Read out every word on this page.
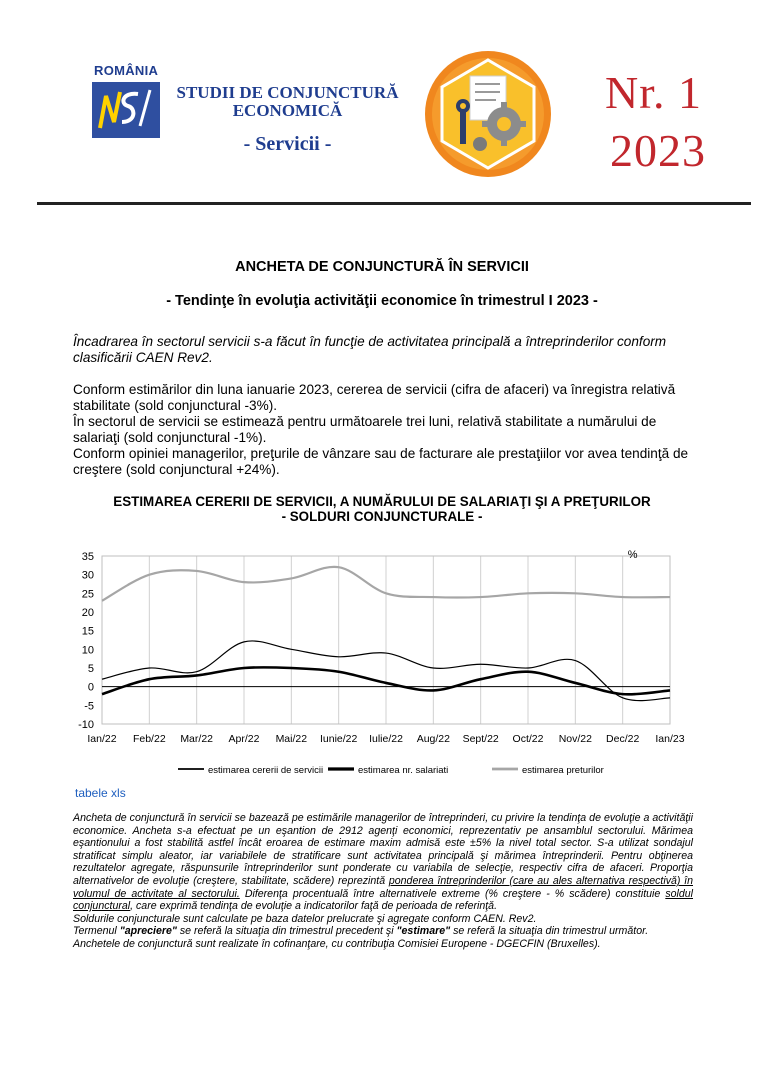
ROMÂNIA
STUDII DE CONJUNCTURĂ ECONOMICĂ
- Servicii -
Nr. 1
2023
ANCHETA DE CONJUNCTURĂ ÎN SERVICII
- Tendinţe în evoluţia activităţii economice în trimestrul I 2023 -
Încadrarea în sectorul servicii s-a făcut în funcţie de activitatea principală a întreprinderilor conform clasificării CAEN Rev2.
Conform estimărilor din luna ianuarie 2023, cererea de servicii (cifra de afaceri) va înregistra relativă stabilitate (sold conjunctural -3%).
În sectorul de servicii se estimează pentru următoarele trei luni, relativă stabilitate a numărului de salariaţi (sold conjunctural -1%).
Conform opiniei managerilor, preţurile de vânzare sau de facturare ale prestaţiilor vor avea tendinţă de creştere (sold conjunctural +24%).
ESTIMAREA CERERII DE SERVICII, A NUMĂRULUI DE SALARIAŢI ŞI A PREŢURILOR
- SOLDURI CONJUNCTURALE -
35
30
25
20
15
10
5
0
-5
-10
Ian/22 Feb/22 Mar/22 Apr/22 Mai/22 Iunie/22 Iulie/22 Aug/22 Sept/22 Oct/22 Nov/22 Dec/22 Ian/23
%
estimarea cererii de servicii	estimarea nr. salariati	estimarea preturilor
tabele xls
Ancheta de conjunctură în servicii se bazează pe estimările managerilor de întreprinderi, cu privire la tendinţa de evoluţie a activităţii economice. Ancheta s-a efectuat pe un eşantion de 2912 agenţi economici, reprezentativ pe ansamblul sectorului. Mărimea eşantionului a fost stabilită astfel încât eroarea de estimare maxim admisă este ±5% la nivel total sector. S-a utilizat sondajul stratificat simplu aleator, iar variabilele de stratificare sunt activitatea principală şi mărimea întreprinderii. Pentru obţinerea rezultatelor agregate, răspunsurile întreprinderilor sunt ponderate cu variabila de selecţie, respectiv cifra de afaceri. Proporţia alternativelor de evoluţie (creştere, stabilitate, scădere) reprezintă ponderea întreprinderilor (care au ales alternativa respectivă) în volumul de activitate al sectorului. Diferenţa procentuală între alternativele extreme (% creştere - % scădere) constituie soldul conjunctural, care exprimă tendinţa de evoluţie a indicatorilor faţă de perioada de referinţă.
Soldurile conjuncturale sunt calculate pe baza datelor prelucrate şi agregate conform CAEN. Rev2.
Termenul "apreciere" se referă la situaţia din trimestrul precedent şi "estimare" se referă la situaţia din trimestrul următor.
Anchetele de conjunctură sunt realizate în cofinanţare, cu contribuţia Comisiei Europene - DGECFIN (Bruxelles).
